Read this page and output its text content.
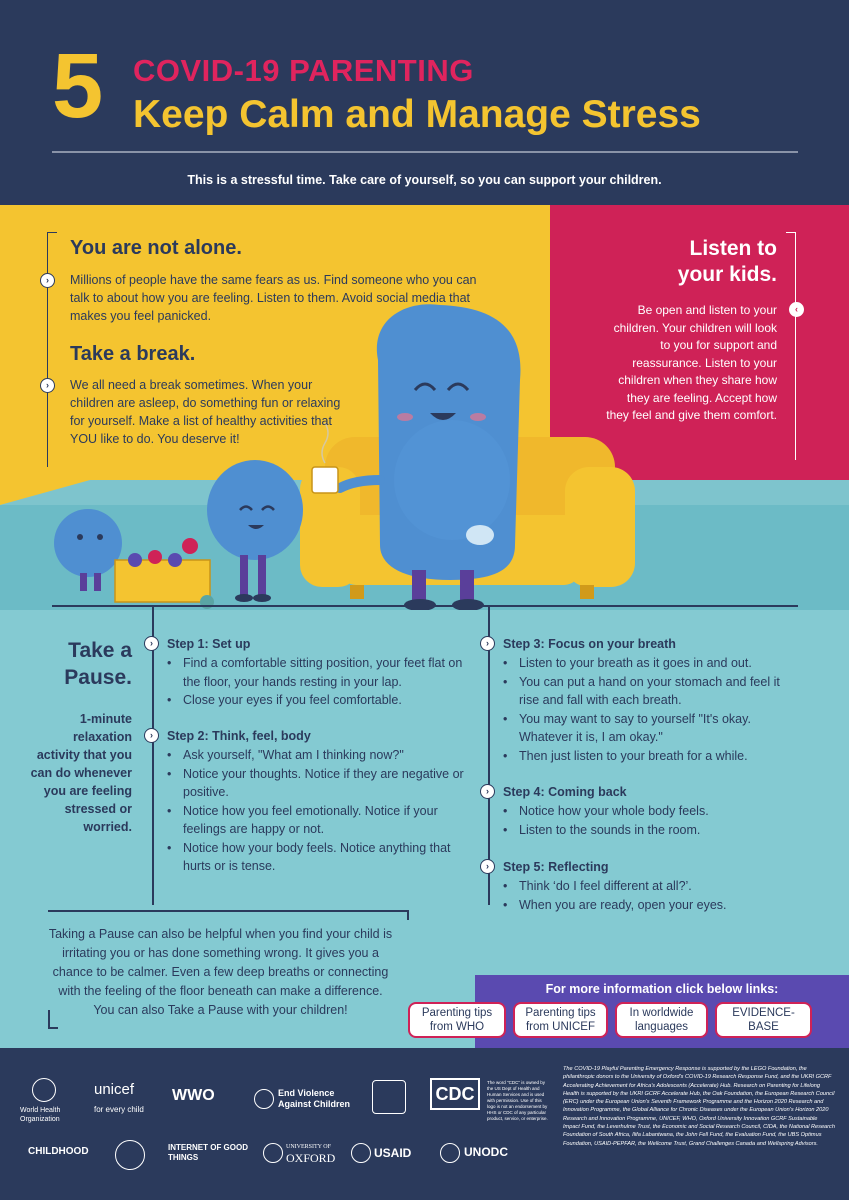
5 COVID-19 PARENTING
Keep Calm and Manage Stress
This is a stressful time. Take care of yourself, so you can support your children.
›
You are not alone.
Millions of people have the same fears as us. Find someone who you can talk to about how you are feeling. Listen to them. Avoid social media that makes you feel panicked.
›
Take a break.
We all need a break sometimes. When your children are asleep, do something fun or relaxing for yourself. Make a list of healthy activities that YOU like to do. You deserve it!
‹
Listen to
your kids.
Be open and listen to your children. Your children will look to you for support and reassurance. Listen to your children when they share how they are feeling. Accept how they feel and give them comfort.
Take a
Pause.
1-minute relaxation activity that you can do whenever you are feeling stressed or worried.
›	Step 1: Set up
• Find a comfortable sitting position, your feet flat on the floor, your hands resting in your lap.
• Close your eyes if you feel comfortable.
›	Step 2: Think, feel, body
• Ask yourself, "What am I thinking now?"
• Notice your thoughts. Notice if they are negative or positive.
• Notice how you feel emotionally. Notice if your feelings are happy or not.
• Notice how your body feels. Notice anything that hurts or is tense.
›	Step 3: Focus on your breath
• Listen to your breath as it goes in and out.
• You can put a hand on your stomach and feel it rise and fall with each breath.
• You may want to say to yourself "It's okay. Whatever it is, I am okay."
• Then just listen to your breath for a while.
›	Step 4: Coming back
• Notice how your whole body feels.
• Listen to the sounds in the room.
›	Step 5: Reflecting
• Think ‘do I feel different at all?’.
• When you are ready, open your eyes.
Taking a Pause can also be helpful when you find your child is irritating you or has done something wrong. It gives you a chance to be calmer. Even a few deep breaths or connecting with the feeling of the floor beneath can make a difference. You can also Take a Pause with your children!
For more information click below links:
Parenting tips
from WHO
Parenting tips
from UNICEF
In worldwide
languages
EVIDENCE-BASE
World Health
Organization
unicef
for every child
WWO	End Violence
Against Children	CDC
The word "CDC" is owned by the US Dept of Health and Human Services and is used with permission. Use of this logo is not an endorsement by HHS or CDC of any particular product, service, or enterprise.
CHILDHOOD	INTERNET OF GOOD THINGS
UNIVERSITY OF
OXFORD	USAID	UNODC
The COVID-19 Playful Parenting Emergency Response is supported by the LEGO Foundation, the philanthropic donors to the University of Oxford's COVID-19 Research Response Fund, and the UKRI GCRF Accelerating Achievement for Africa's Adolescents (Accelerate) Hub. Research on Parenting for Lifelong Health is supported by the UKRI GCRF Accelerate Hub, the Oak Foundation, the European Research Council (ERC) under the European Union's Seventh Framework Programme and the Horizon 2020 Research and Innovation Programme, the Global Alliance for Chronic Diseases under the European Union's Horizon 2020 Research and Innovation Programme, UNICEF, WHO, Oxford University Innovation GCRF Sustainable Impact Fund, the Leverhulme Trust, the Economic and Social Research Council, CIDA, the National Research Foundation of South Africa, Ilifa Labantwana, the John Fell Fund, the Evaluation Fund, the UBS Optimus Foundation, USAID-PEPFAR, the Wellcome Trust, Grand Challenges Canada and Wellspring Advisors.
